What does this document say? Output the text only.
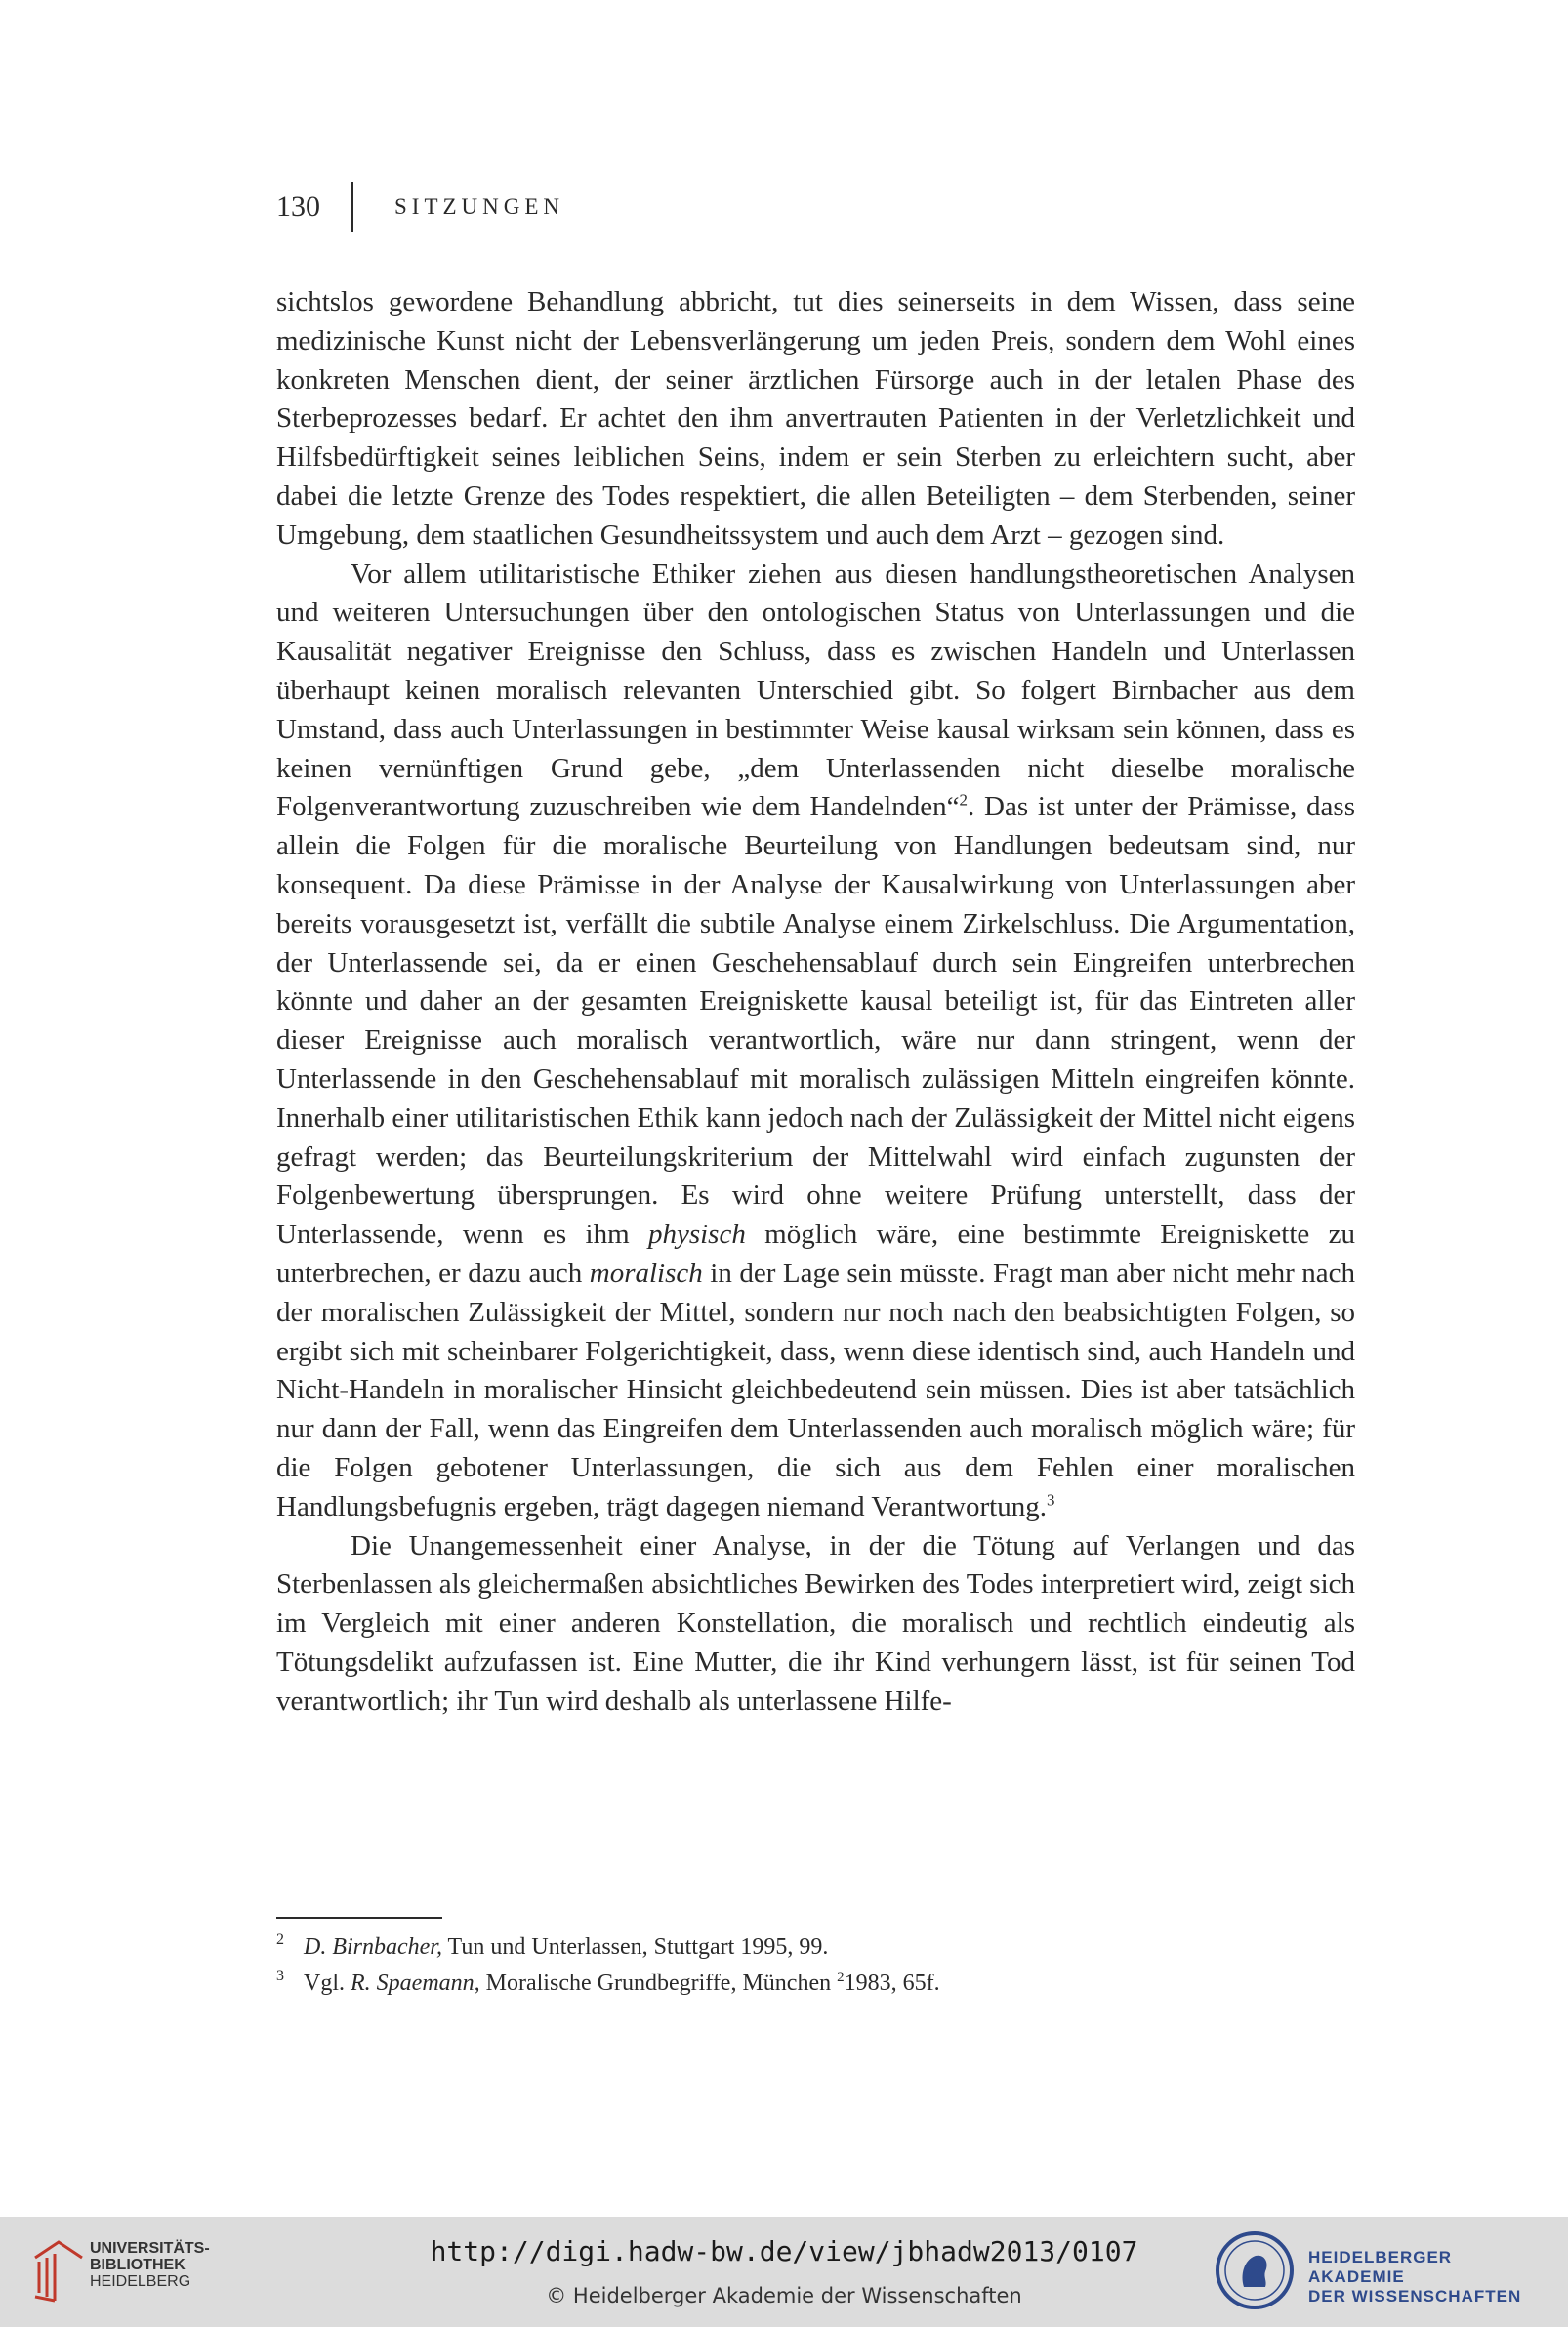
130	SITZUNGEN

sichtslos gewordene Behandlung abbricht, tut dies seinerseits in dem Wissen, dass seine medizinische Kunst nicht der Lebensverlängerung um jeden Preis, sondern dem Wohl eines konkreten Menschen dient, der seiner ärztlichen Fürsorge auch in der letalen Phase des Sterbeprozesses bedarf. Er achtet den ihm anvertrauten Patienten in der Verletzlichkeit und Hilfsbedürftigkeit seines leiblichen Seins, indem er sein Sterben zu erleichtern sucht, aber dabei die letzte Grenze des Todes respektiert, die allen Beteiligten – dem Sterbenden, seiner Umgebung, dem staatlichen Gesundheitssystem und auch dem Arzt – gezogen sind.

Vor allem utilitaristische Ethiker ziehen aus diesen handlungstheoretischen Analysen und weiteren Untersuchungen über den ontologischen Status von Unterlassungen und die Kausalität negativer Ereignisse den Schluss, dass es zwischen Handeln und Unterlassen überhaupt keinen moralisch relevanten Unterschied gibt. So folgert Birnbacher aus dem Umstand, dass auch Unterlassungen in bestimmter Weise kausal wirksam sein können, dass es keinen vernünftigen Grund gebe, „dem Unterlassenden nicht dieselbe moralische Folgenverantwortung zuzuschreiben wie dem Handelnden“$^2$. Das ist unter der Prämisse, dass allein die Folgen für die moralische Beurteilung von Handlungen bedeutsam sind, nur konsequent. Da diese Prämisse in der Analyse der Kausalwirkung von Unterlassungen aber bereits vorausgesetzt ist, verfällt die subtile Analyse einem Zirkelschluss. Die Argumentation, der Unterlassende sei, da er einen Geschehensablauf durch sein Eingreifen unterbrechen könnte und daher an der gesamten Ereigniskette kausal beteiligt ist, für das Eintreten aller dieser Ereignisse auch moralisch verantwortlich, wäre nur dann stringent, wenn der Unterlassende in den Geschehensablauf mit moralisch zulässigen Mitteln eingreifen könnte. Innerhalb einer utilitaristischen Ethik kann jedoch nach der Zulässigkeit der Mittel nicht eigens gefragt werden; das Beurteilungskriterium der Mittelwahl wird einfach zugunsten der Folgenbewertung übersprungen. Es wird ohne weitere Prüfung unterstellt, dass der Unterlassende, wenn es ihm physisch möglich wäre, eine bestimmte Ereigniskette zu unterbrechen, er dazu auch moralisch in der Lage sein müsste. Fragt man aber nicht mehr nach der moralischen Zulässigkeit der Mittel, sondern nur noch nach den beabsichtigten Folgen, so ergibt sich mit scheinbarer Folgerichtigkeit, dass, wenn diese identisch sind, auch Handeln und Nicht-Handeln in moralischer Hinsicht gleichbedeutend sein müssen. Dies ist aber tatsächlich nur dann der Fall, wenn das Eingreifen dem Unterlassenden auch moralisch möglich wäre; für die Folgen gebotener Unterlassungen, die sich aus dem Fehlen einer moralischen Handlungsbefugnis ergeben, trägt dagegen niemand Verantwortung.$^3$

Die Unangemessenheit einer Analyse, in der die Tötung auf Verlangen und das Sterbenlassen als gleichermaßen absichtliches Bewirken des Todes interpretiert wird, zeigt sich im Vergleich mit einer anderen Konstellation, die moralisch und rechtlich eindeutig als Tötungsdelikt aufzufassen ist. Eine Mutter, die ihr Kind verhungern lässt, ist für seinen Tod verantwortlich; ihr Tun wird deshalb als unterlassene Hilfe-

2 D. Birnbacher, Tun und Unterlassen, Stuttgart 1995, 99.
3 Vgl. R. Spaemann, Moralische Grundbegriffe, München $^2$1983, 65f.
UNIVERSITÄTS-
BIBLIOTHEK
HEIDELBERG
http://digi.hadw-bw.de/view/jbhadw2013/0107
© Heidelberger Akademie der Wissenschaften
HEIDELBERGER AKADEMIE
DER WISSENSCHAFTEN
